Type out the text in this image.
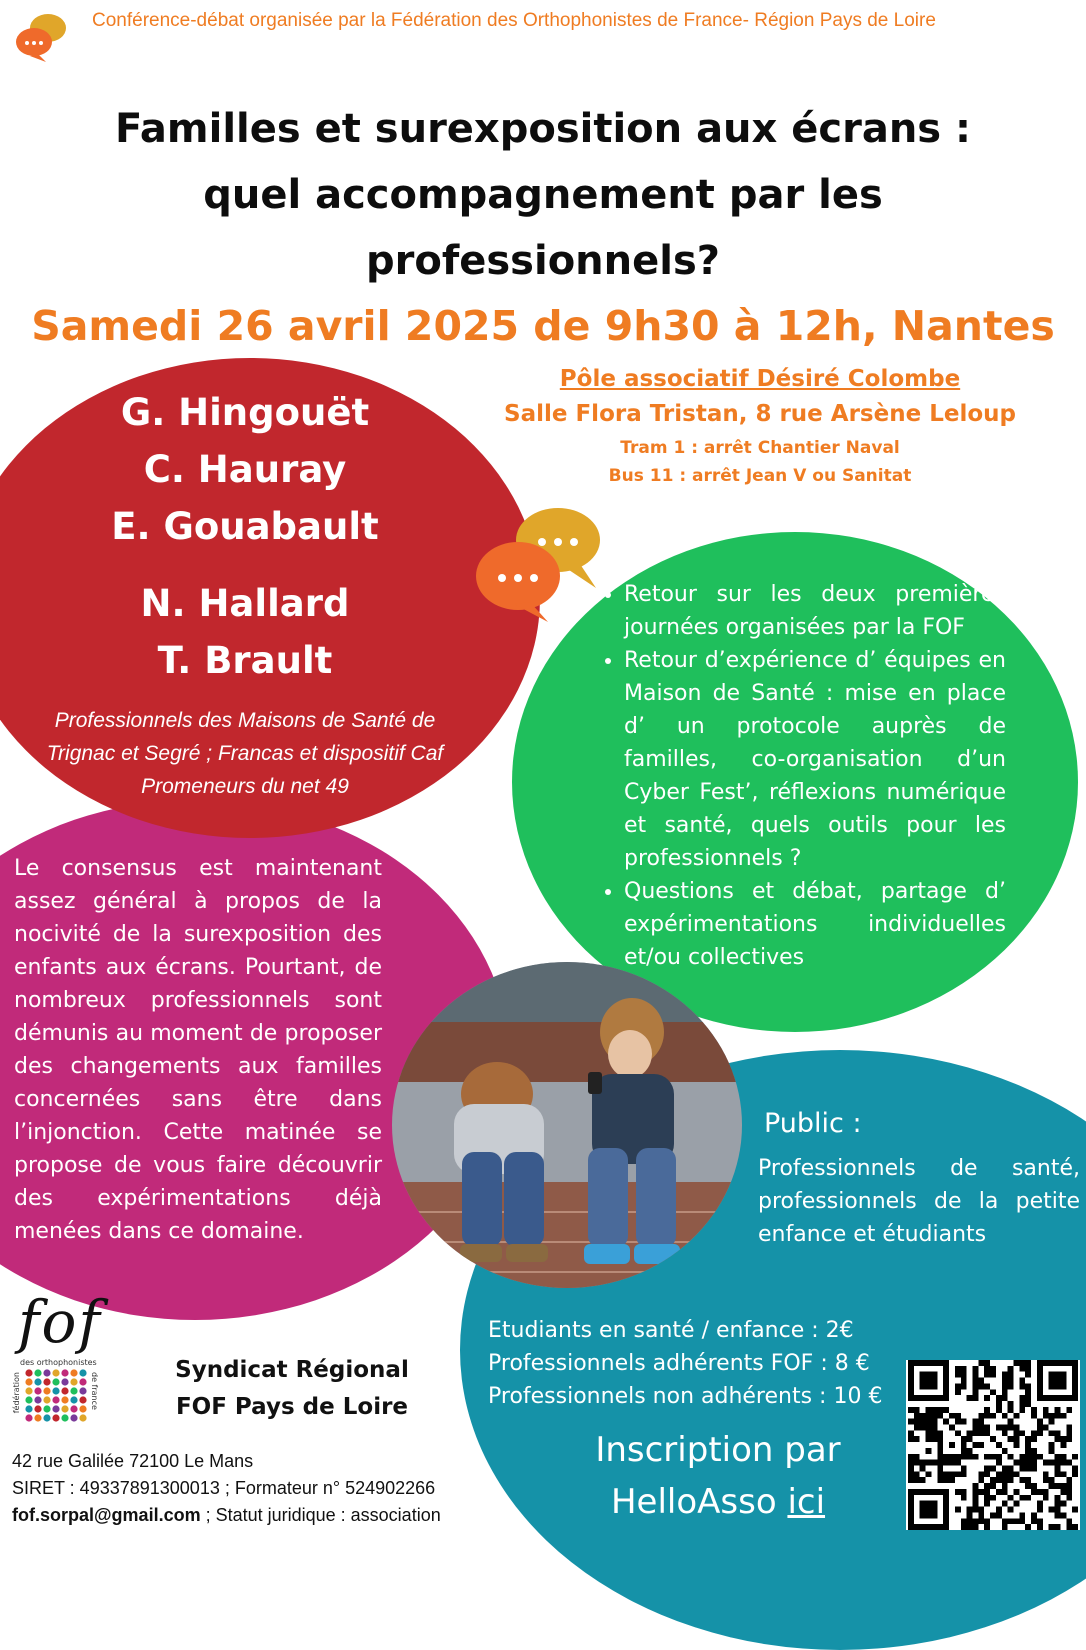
Conférence-débat organisée par la Fédération des Orthophonistes de France- Région Pays de Loire
Familles et surexposition aux écrans :
quel accompagnement par les
professionnels?
Samedi 26 avril 2025 de 9h30 à 12h, Nantes
Pôle associatif Désiré Colombe
Salle Flora Tristan, 8 rue Arsène Leloup
Tram 1 : arrêt Chantier Naval
Bus 11 : arrêt Jean V ou Sanitat
G. Hingouët
C. Hauray
E. Gouabault
N. Hallard
T. Brault
Professionnels des Maisons de Santé de Trignac et Segré ; Francas et dispositif Caf Promeneurs du net 49
• Retour sur les deux premières journées organisées par la FOF
• Retour d’expérience d’ équipes en Maison de Santé : mise en place d’ un protocole auprès de familles, co-organisation d’un Cyber Fest’, réflexions numérique et santé, quels outils pour les professionnels ?
• Questions et débat, partage d’ expérimentations individuelles et/ou collectives
Le consensus est maintenant assez général à propos de la nocivité de la surexposition des enfants aux écrans. Pourtant, de nombreux professionnels sont démunis au moment de proposer des changements aux familles concernées sans être dans l’injonction. Cette matinée se propose de vous faire découvrir des expérimentations déjà menées dans ce domaine.
Public :
Professionnels de santé, professionnels de la petite enfance et étudiants
Etudiants en santé / enfance : 2€
Professionnels adhérents FOF : 8 €
Professionnels non adhérents : 10 €
Inscription par
HelloAsso ici
fof
des orthophonistes
fédération	de france
Syndicat Régional
FOF Pays de Loire
42 rue Galilée 72100 Le Mans
SIRET : 49337891300013 ; Formateur n° 524902266
fof.sorpal@gmail.com ; Statut juridique : association
